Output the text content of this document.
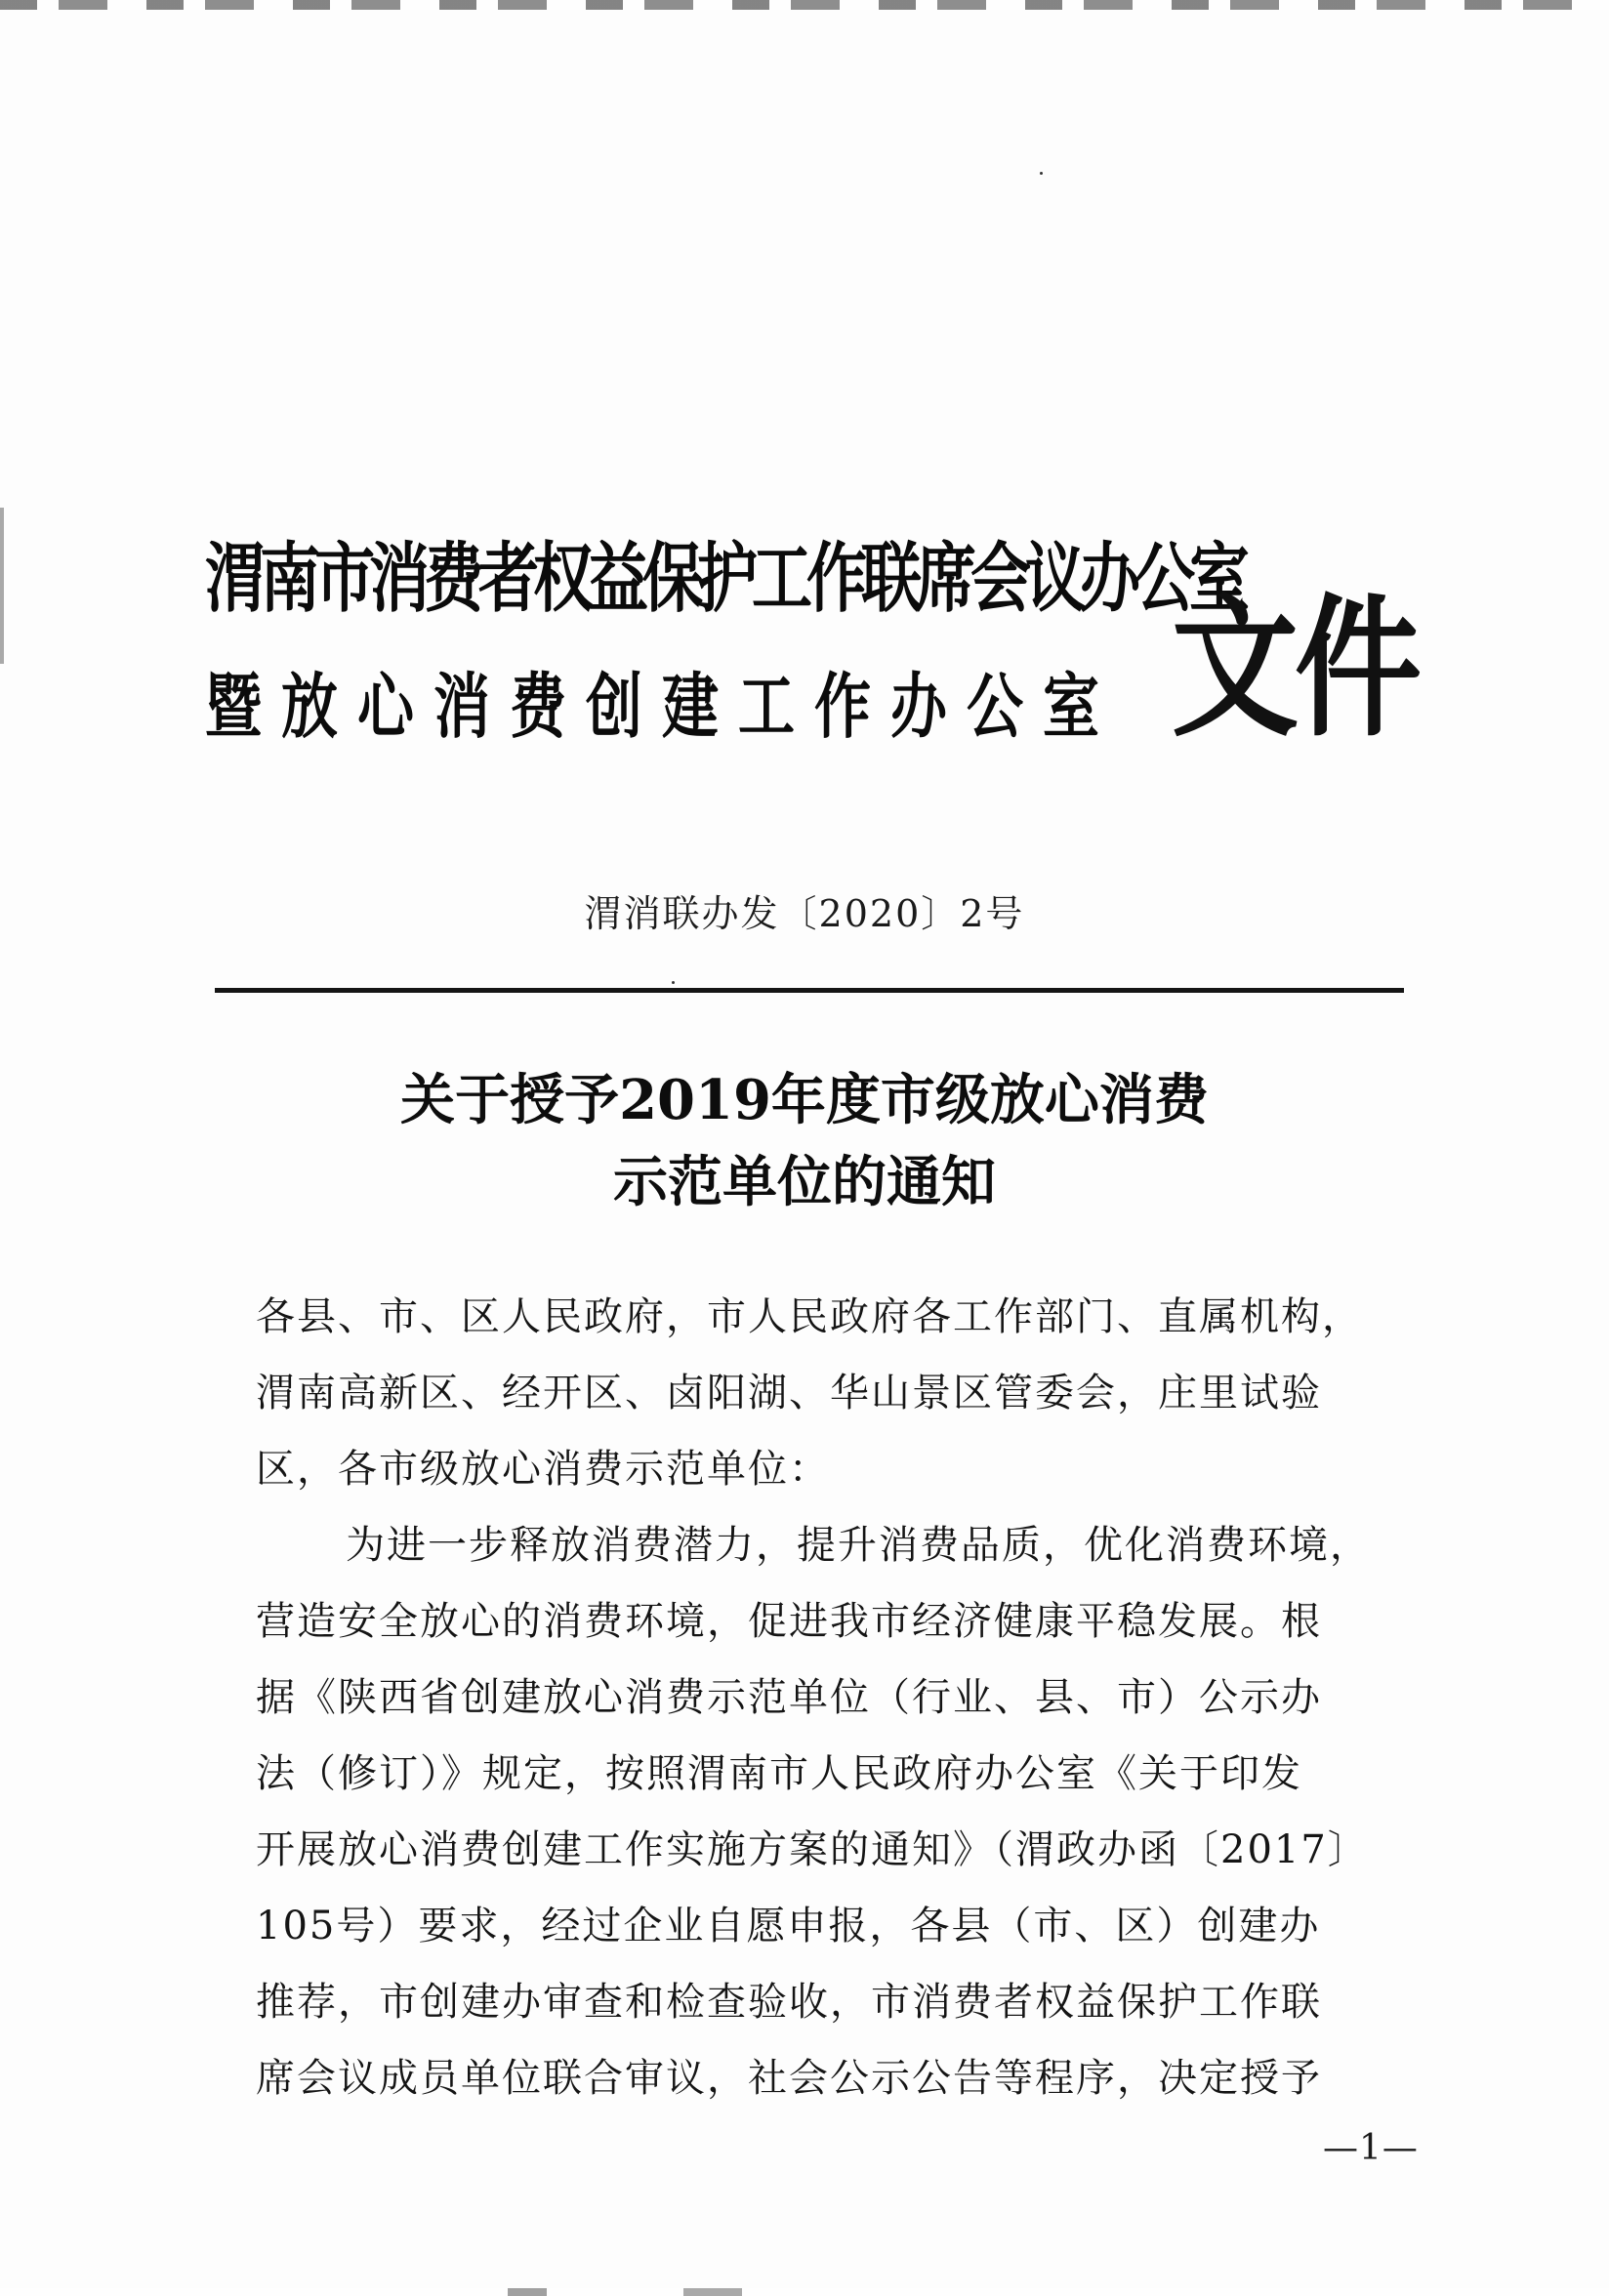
渭南市消费者权益保护工作联席会议办公室
暨放心消费创建工作办公室 文件
渭消联办发〔2020〕2号
关于授予2019年度市级放心消费
示范单位的通知
各县、市、区人民政府，市人民政府各工作部门、直属机构，
渭南高新区、经开区、卤阳湖、华山景区管委会，庄里试验
区，各市级放心消费示范单位：
为进一步释放消费潜力，提升消费品质，优化消费环境，
营造安全放心的消费环境，促进我市经济健康平稳发展。根
据《陕西省创建放心消费示范单位（行业、县、市）公示办
法（修订）》规定，按照渭南市人民政府办公室《关于印发
开展放心消费创建工作实施方案的通知》（渭政办函〔2017〕
105号）要求，经过企业自愿申报，各县（市、区）创建办
推荐，市创建办审查和检查验收，市消费者权益保护工作联
席会议成员单位联合审议，社会公示公告等程序，决定授予
—1—
